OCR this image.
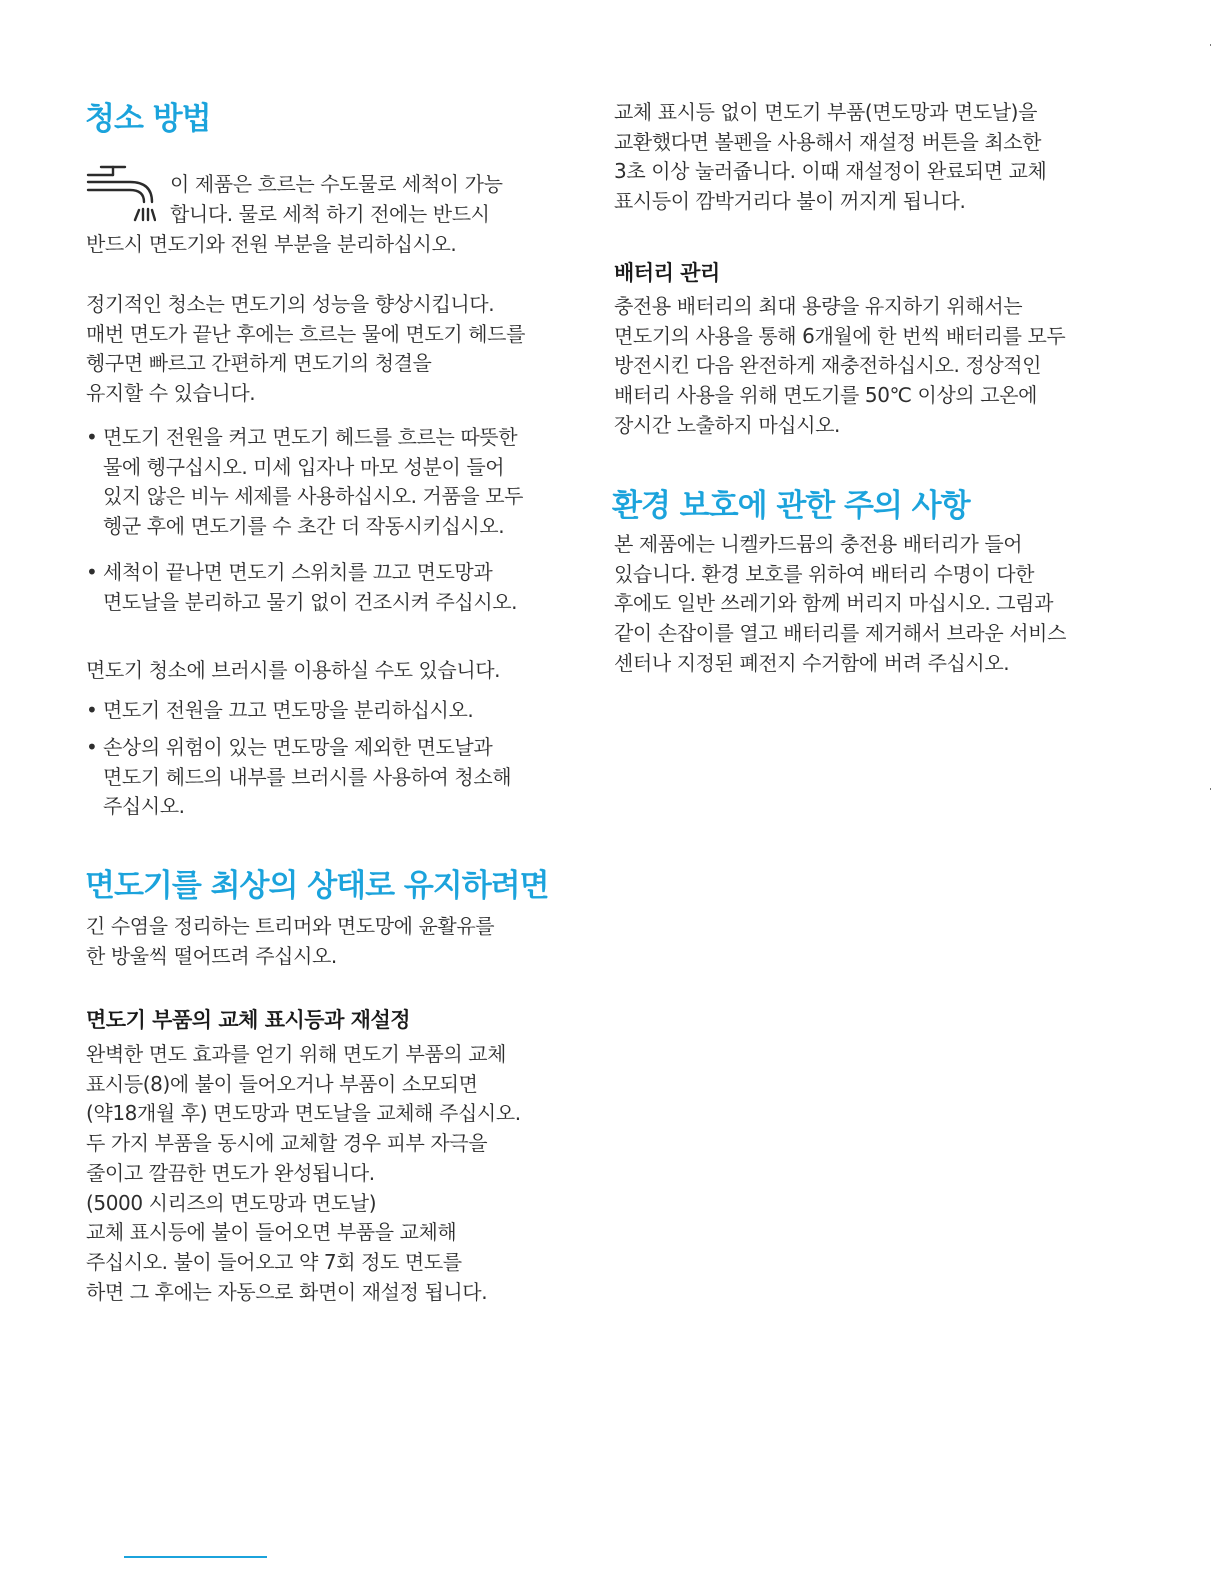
청소 방법

이 제품은 흐르는 수도물로 세척이 가능
합니다. 물로 세척 하기 전에는 반드시

반드시 면도기와 전원 부분을 분리하십시오.

정기적인 청소는 면도기의 성능을 향상시킵니다.
매번 면도가 끝난 후에는 흐르는 물에 면도기 헤드를
헹구면 빠르고 간편하게 면도기의 청결을
유지할 수 있습니다.

• 면도기 전원을 켜고 면도기 헤드를 흐르는 따뜻한
물에 헹구십시오. 미세 입자나 마모 성분이 들어
있지 않은 비누 세제를 사용하십시오. 거품을 모두
헹군 후에 면도기를 수 초간 더 작동시키십시오.

• 세척이 끝나면 면도기 스위치를 끄고 면도망과
면도날을 분리하고 물기 없이 건조시켜 주십시오.

면도기 청소에 브러시를 이용하실 수도 있습니다.

• 면도기 전원을 끄고 면도망을 분리하십시오.

• 손상의 위험이 있는 면도망을 제외한 면도날과
면도기 헤드의 내부를 브러시를 사용하여 청소해
주십시오.

면도기를 최상의 상태로 유지하려면

긴 수염을 정리하는 트리머와 면도망에 윤활유를
한 방울씩 떨어뜨려 주십시오.

면도기 부품의 교체 표시등과 재설정

완벽한 면도 효과를 얻기 위해 면도기 부품의 교체
표시등(8)에 불이 들어오거나 부품이 소모되면
(약18개월 후) 면도망과 면도날을 교체해 주십시오.
두 가지 부품을 동시에 교체할 경우 피부 자극을
줄이고 깔끔한 면도가 완성됩니다.
(5000 시리즈의 면도망과 면도날)
교체 표시등에 불이 들어오면 부품을 교체해
주십시오. 불이 들어오고 약 7회 정도 면도를
하면 그 후에는 자동으로 화면이 재설정 됩니다.

교체 표시등 없이 면도기 부품(면도망과 면도날)을
교환했다면 볼펜을 사용해서 재설정 버튼을 최소한
3초 이상 눌러줍니다. 이때 재설정이 완료되면 교체
표시등이 깜박거리다 불이 꺼지게 됩니다.

배터리 관리

충전용 배터리의 최대 용량을 유지하기 위해서는
면도기의 사용을 통해 6개월에 한 번씩 배터리를 모두
방전시킨 다음 완전하게 재충전하십시오. 정상적인
배터리 사용을 위해 면도기를 50℃ 이상의 고온에
장시간 노출하지 마십시오.

환경 보호에 관한 주의 사항

본 제품에는 니켈카드뮴의 충전용 배터리가 들어
있습니다. 환경 보호를 위하여 배터리 수명이 다한
후에도 일반 쓰레기와 함께 버리지 마십시오. 그림과
같이 손잡이를 열고 배터리를 제거해서 브라운 서비스
센터나 지정된 폐전지 수거함에 버려 주십시오.
